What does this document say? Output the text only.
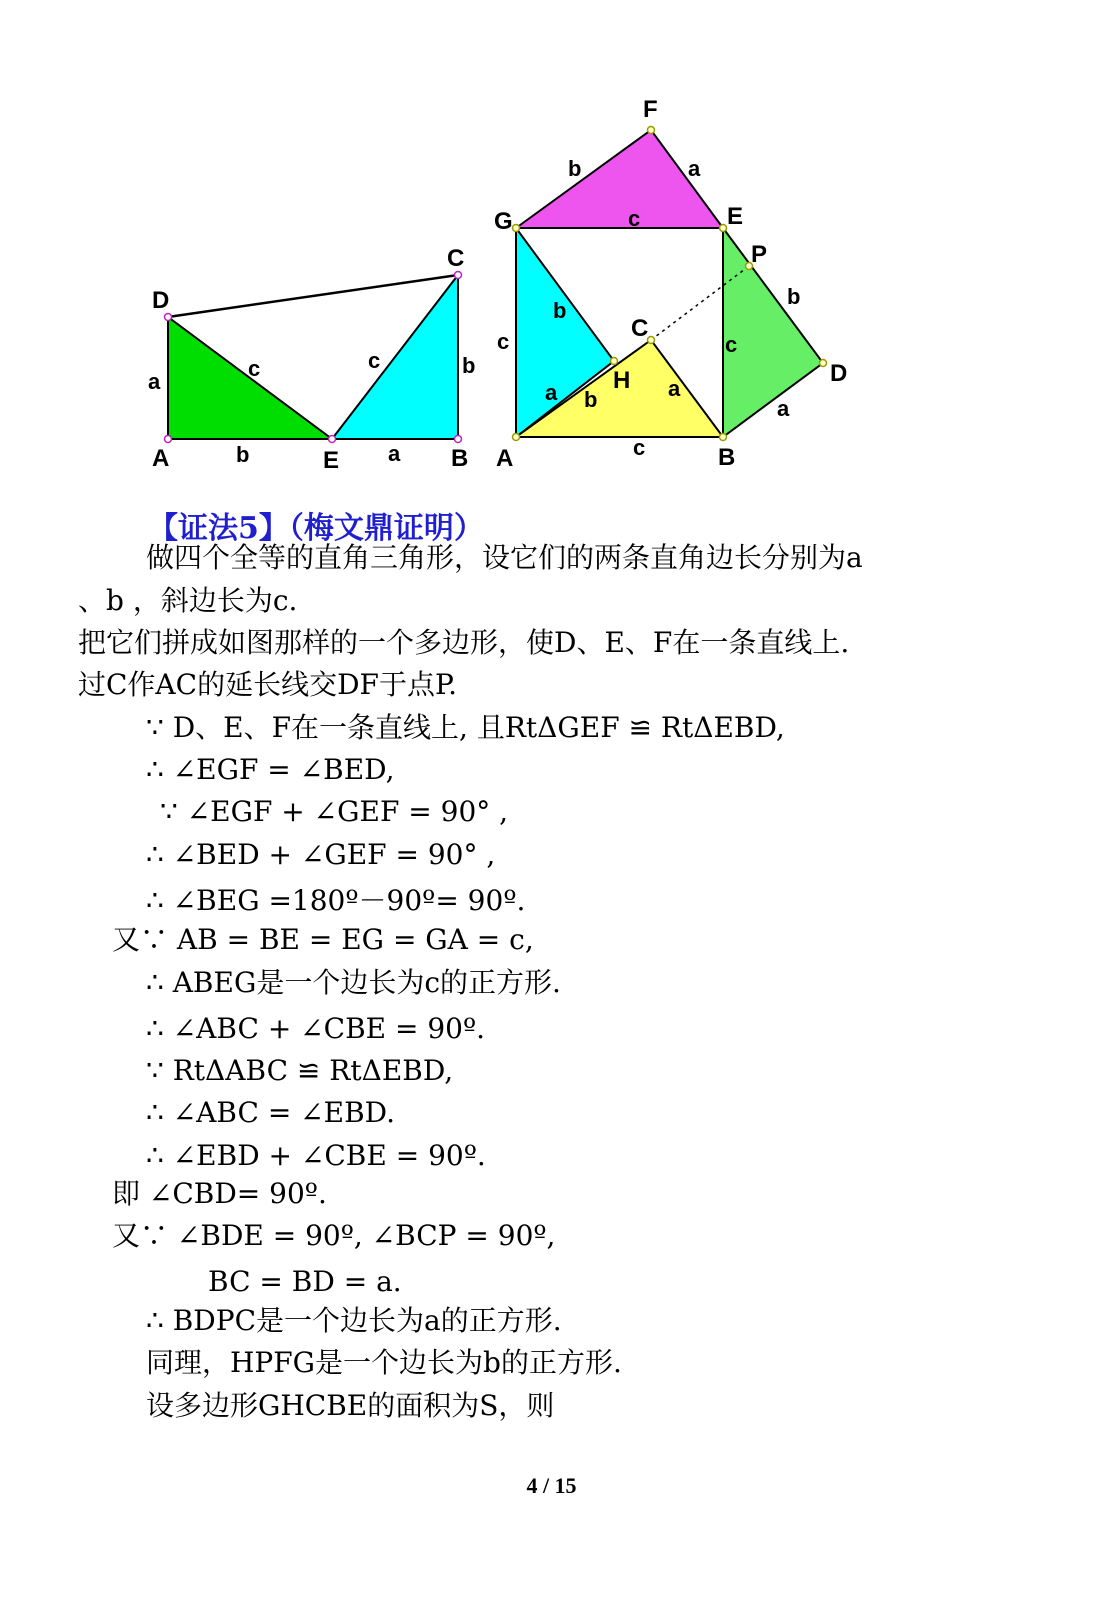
D
C
A	E	B
a
c
b
c	b
a
F
G	E
P
C
H	D
A	B
b	a
c
b
c
b
c
a b	a
a
c
【证法5】（梅文鼎证明）
做四个全等的直角三角形，设它们的两条直角边长分别为a
、b ，斜边长为c.
把它们拼成如图那样的一个多边形，使D、E、F在一条直线上.
过C作AC的延长线交DF于点P.
∵ D、E、F在一条直线上, 且RtΔGEF ≌ RtΔEBD,
∴ ∠EGF = ∠BED,
∵ ∠EGF + ∠GEF = 90° ,
∴ ∠BED + ∠GEF = 90° ,
∴ ∠BEG =180º－90º= 90º.
又∵ AB = BE = EG = GA = c,
∴ ABEG是一个边长为c的正方形.
∴ ∠ABC + ∠CBE = 90º.
∵ RtΔABC ≌ RtΔEBD,
∴ ∠ABC = ∠EBD.
∴ ∠EBD + ∠CBE = 90º.
即 ∠CBD= 90º.
又∵ ∠BDE = 90º, ∠BCP = 90º,
BC = BD = a.
∴ BDPC是一个边长为a的正方形.
同理，HPFG是一个边长为b的正方形.
设多边形GHCBE的面积为S，则
4 / 15
